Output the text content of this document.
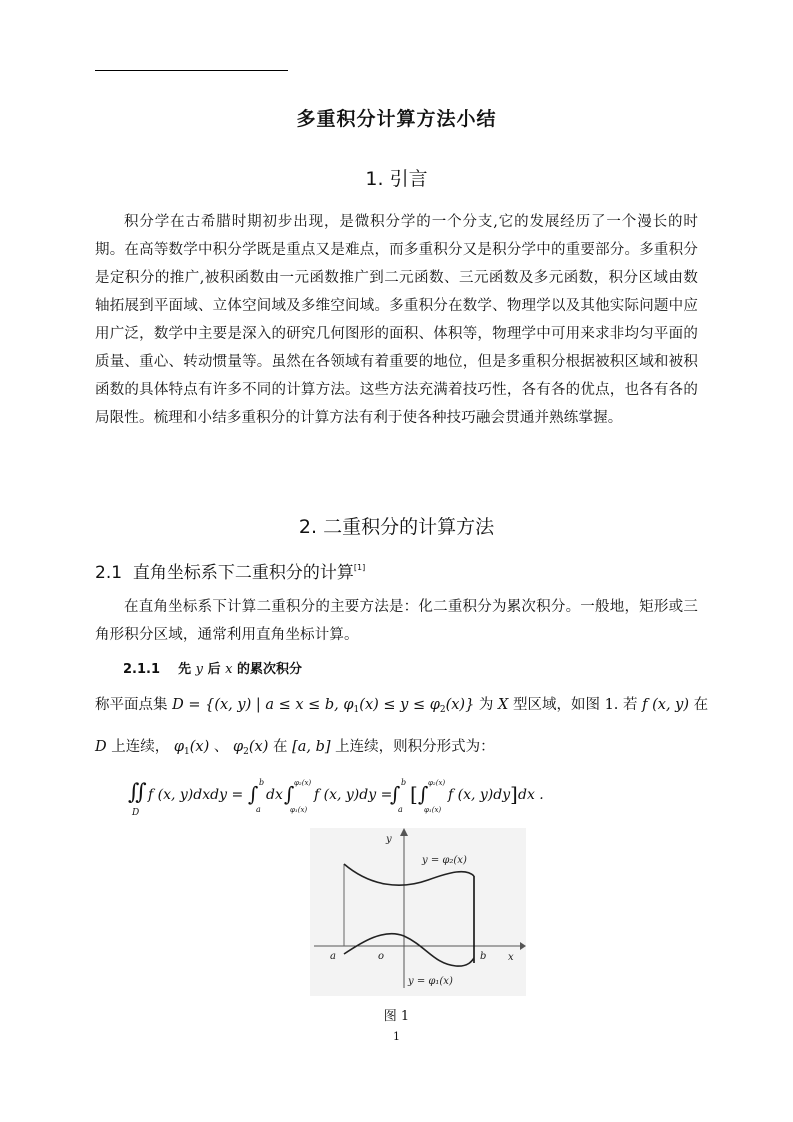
多重积分计算方法小结
1. 引言
积分学在古希腊时期初步出现，是微积分学的一个分支,它的发展经历了一个漫长的时期。在高等数学中积分学既是重点又是难点，而多重积分又是积分学中的重要部分。多重积分是定积分的推广,被积函数由一元函数推广到二元函数、三元函数及多元函数，积分区域由数轴拓展到平面域、立体空间域及多维空间域。多重积分在数学、物理学以及其他实际问题中应用广泛，数学中主要是深入的研究几何图形的面积、体积等，物理学中可用来求非均匀平面的质量、重心、转动惯量等。虽然在各领域有着重要的地位，但是多重积分根据被积区域和被积函数的具体特点有许多不同的计算方法。这些方法充满着技巧性，各有各的优点，也各有各的局限性。梳理和小结多重积分的计算方法有利于使各种技巧融会贯通并熟练掌握。
2. 二重积分的计算方法
2.1 直角坐标系下二重积分的计算[1]
在直角坐标系下计算二重积分的主要方法是：化二重积分为累次积分。一般地，矩形或三角形积分区域，通常利用直角坐标计算。
2.1.1 先 y 后 x 的累次积分
称平面点集 D = {(x, y) | a ≤ x ≤ b, $\varphi_1(x) \le y \le \varphi_2(x)$} 为 X 型区域，如图 1. 若 f (x, y) 在
D 上连续， $\varphi_1(x)$ 、 $\varphi_2(x)$ 在 [a, b] 上连续，则积分形式为：
∬
D
f (x, y)dxdy = ∫ b
a
dx ∫ φ₂(x)
φ₁(x)
f (x, y)dy =
∫ b
a
[ ∫ φ₂(x)
φ₁(x)
f (x, y)dy ] dx .
y
x
a	o	b
y = φ₂(x)
y = φ₁(x)
图 1
1
